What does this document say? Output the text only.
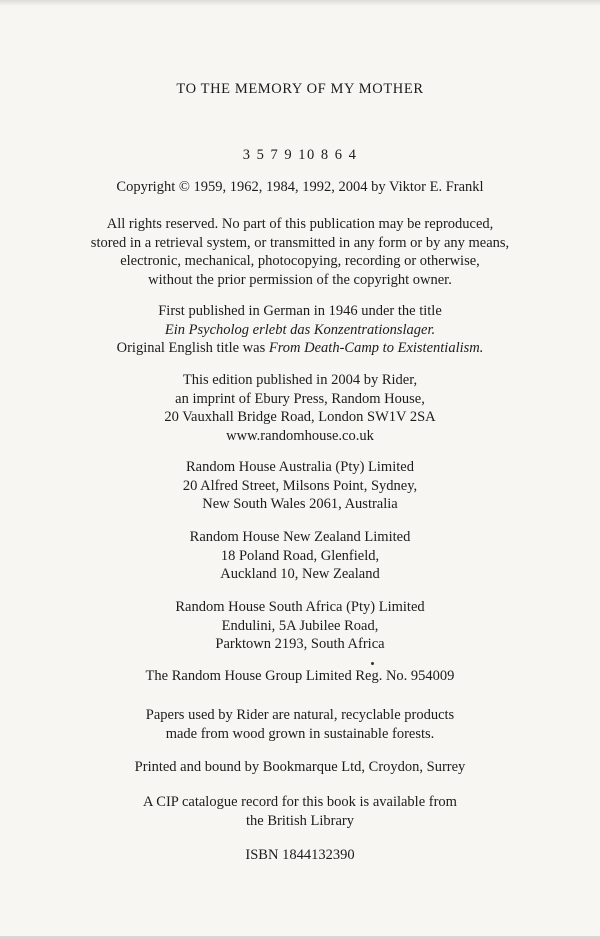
TO THE MEMORY OF MY MOTHER
3 5 7 9 10 8 6 4
Copyright © 1959, 1962, 1984, 1992, 2004 by Viktor E. Frankl
All rights reserved. No part of this publication may be reproduced,
stored in a retrieval system, or transmitted in any form or by any means,
electronic, mechanical, photocopying, recording or otherwise,
without the prior permission of the copyright owner.
First published in German in 1946 under the title
Ein Psycholog erlebt das Konzentrationslager.
Original English title was From Death-Camp to Existentialism.
This edition published in 2004 by Rider,
an imprint of Ebury Press, Random House,
20 Vauxhall Bridge Road, London SW1V 2SA
www.randomhouse.co.uk
Random House Australia (Pty) Limited
20 Alfred Street, Milsons Point, Sydney,
New South Wales 2061, Australia
Random House New Zealand Limited
18 Poland Road, Glenfield,
Auckland 10, New Zealand
Random House South Africa (Pty) Limited
Endulini, 5A Jubilee Road,
Parktown 2193, South Africa
The Random House Group Limited Reg. No. 954009
Papers used by Rider are natural, recyclable products
made from wood grown in sustainable forests.
Printed and bound by Bookmarque Ltd, Croydon, Surrey
A CIP catalogue record for this book is available from
the British Library
ISBN 1844132390
